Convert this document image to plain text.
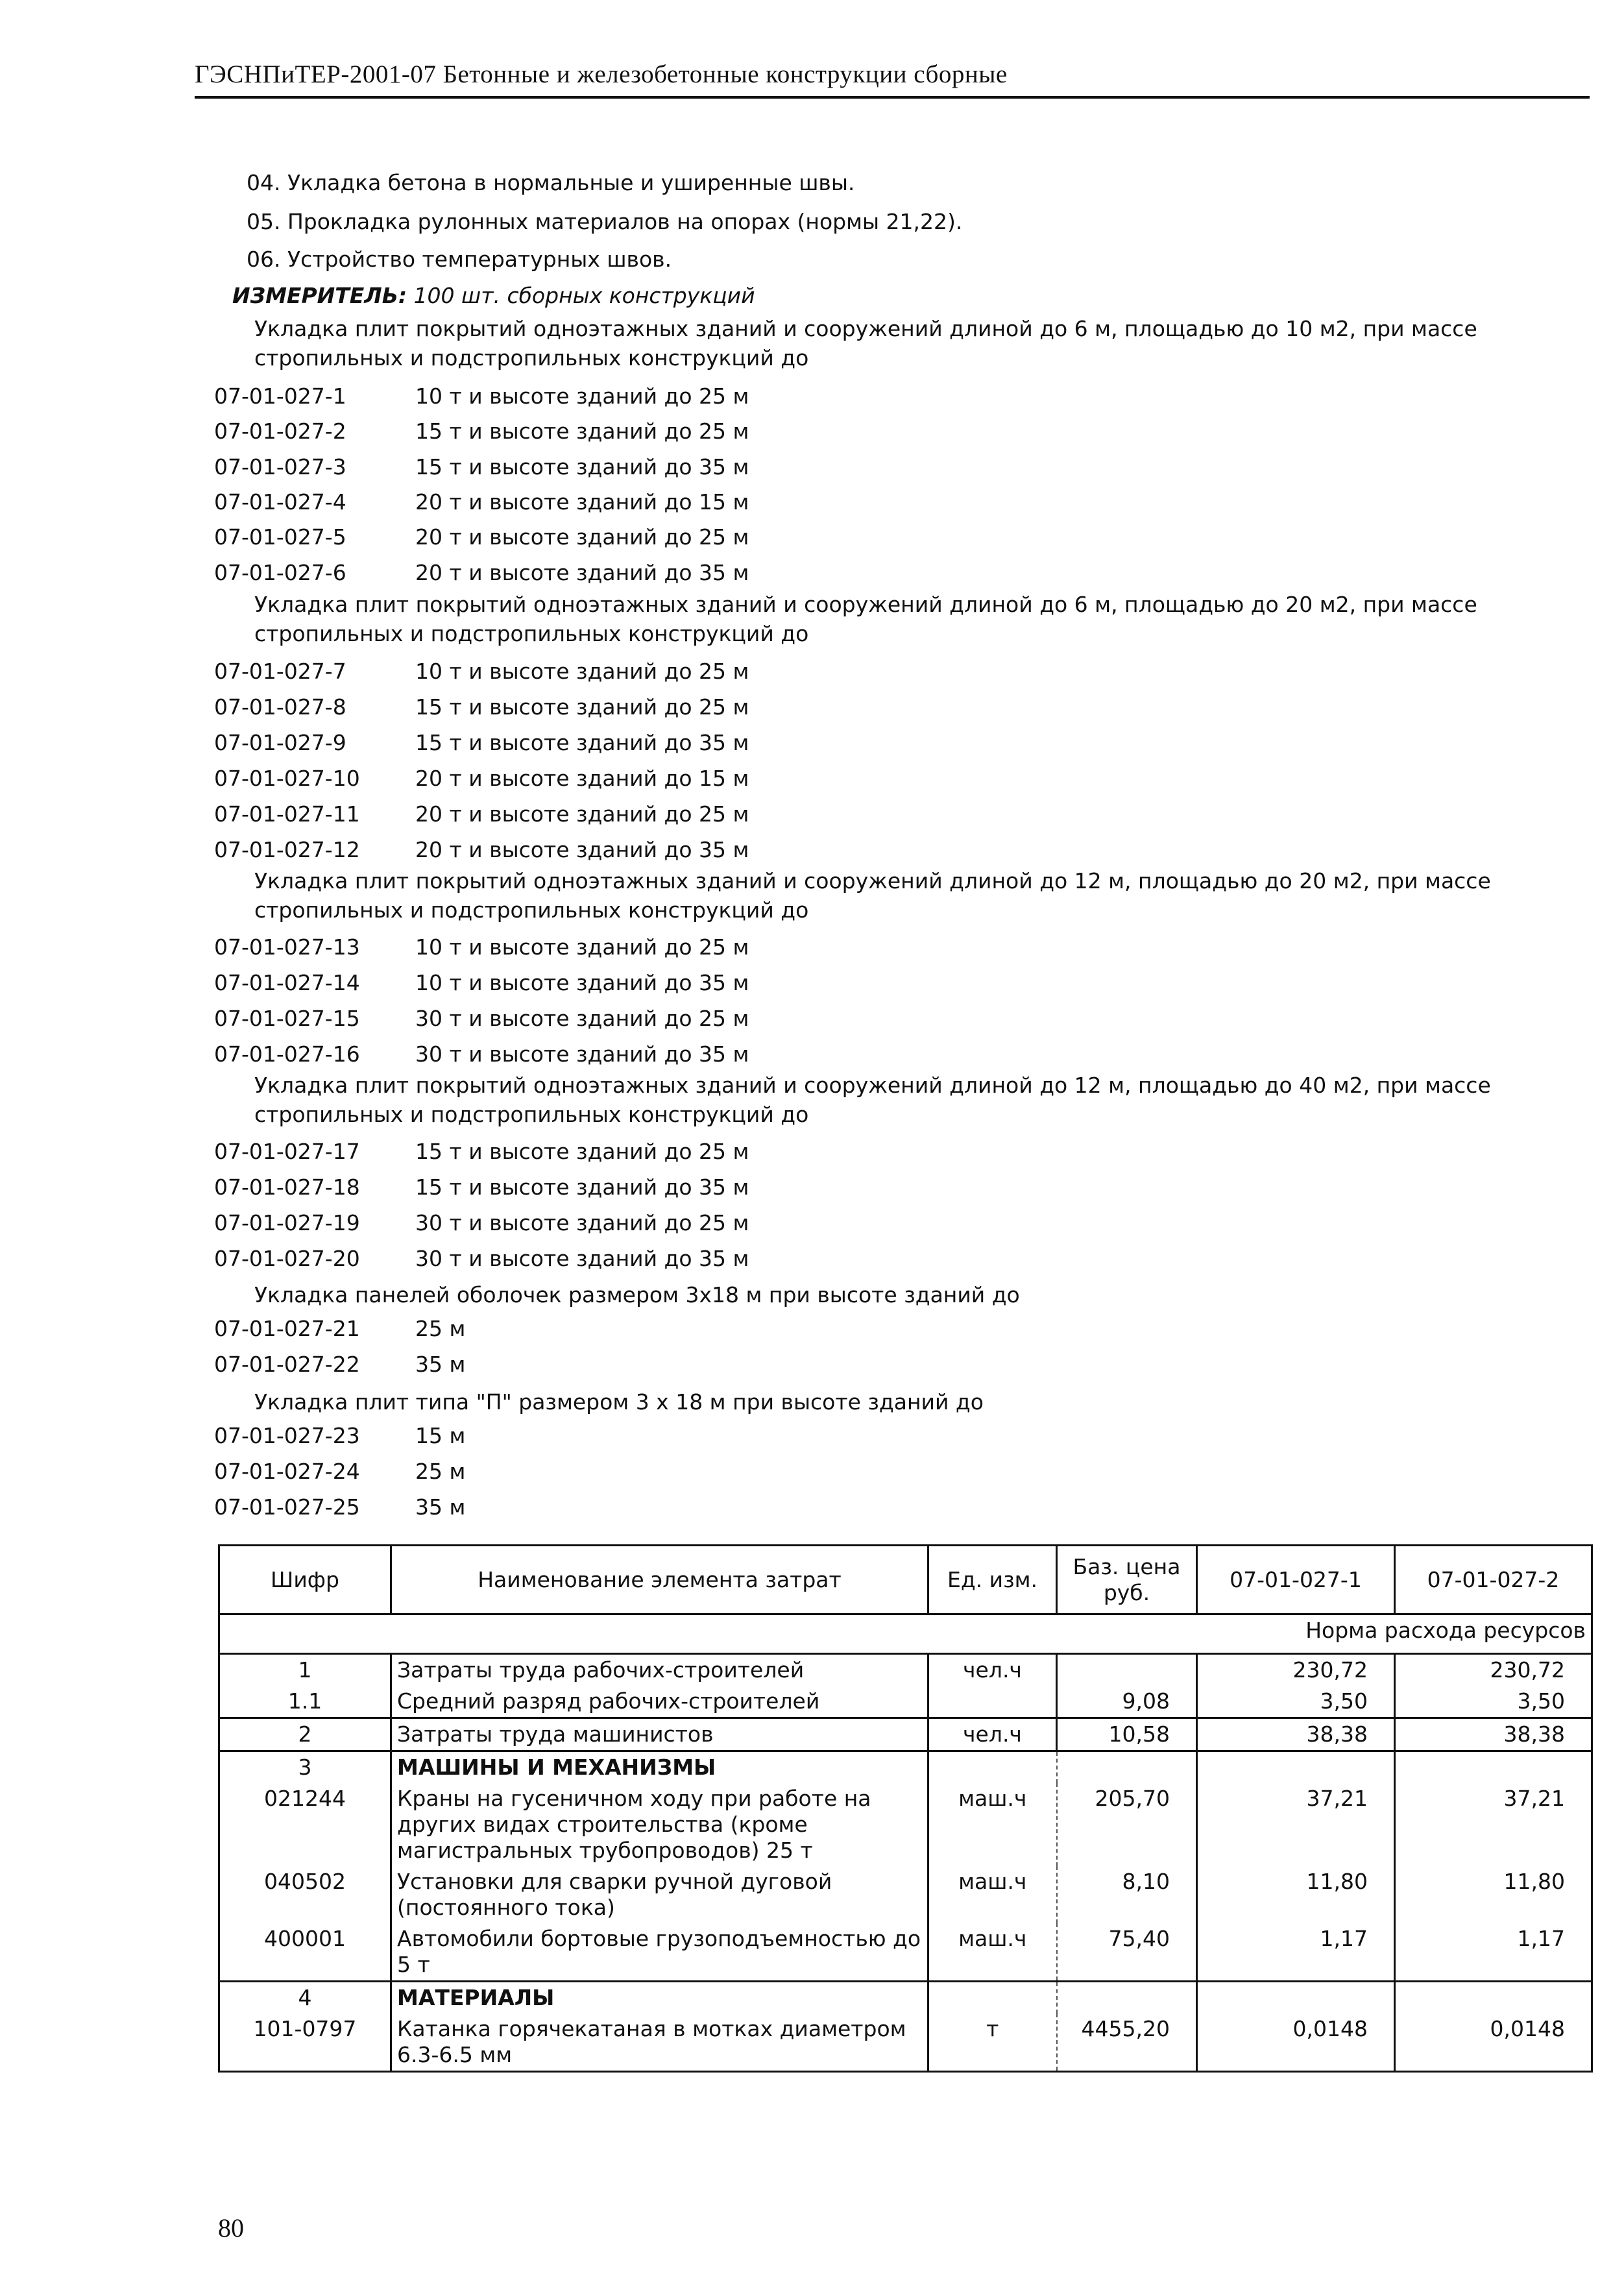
ГЭСНПиТЕР-2001-07 Бетонные и железобетонные конструкции сборные
04. Укладка бетона в нормальные и уширенные швы.
05. Прокладка рулонных материалов на опорах (нормы 21,22).
06. Устройство температурных швов.
ИЗМЕРИТЕЛЬ: 100 шт. сборных конструкций
Укладка плит покрытий одноэтажных зданий и сооружений длиной до 6 м, площадью до 10 м2, при массе стропильных и подстропильных конструкций до
07-01-027-1	10 т и высоте зданий до 25 м
07-01-027-2	15 т и высоте зданий до 25 м
07-01-027-3	15 т и высоте зданий до 35 м
07-01-027-4	20 т и высоте зданий до 15 м
07-01-027-5	20 т и высоте зданий до 25 м
07-01-027-6	20 т и высоте зданий до 35 м
Укладка плит покрытий одноэтажных зданий и сооружений длиной до 6 м, площадью до 20 м2, при массе стропильных и подстропильных конструкций до
07-01-027-7	10 т и высоте зданий до 25 м
07-01-027-8	15 т и высоте зданий до 25 м
07-01-027-9	15 т и высоте зданий до 35 м
07-01-027-10	20 т и высоте зданий до 15 м
07-01-027-11	20 т и высоте зданий до 25 м
07-01-027-12	20 т и высоте зданий до 35 м
Укладка плит покрытий одноэтажных зданий и сооружений длиной до 12 м, площадью до 20 м2, при массе стропильных и подстропильных конструкций до
07-01-027-13	10 т и высоте зданий до 25 м
07-01-027-14	10 т и высоте зданий до 35 м
07-01-027-15	30 т и высоте зданий до 25 м
07-01-027-16	30 т и высоте зданий до 35 м
Укладка плит покрытий одноэтажных зданий и сооружений длиной до 12 м, площадью до 40 м2, при массе стропильных и подстропильных конструкций до
07-01-027-17	15 т и высоте зданий до 25 м
07-01-027-18	15 т и высоте зданий до 35 м
07-01-027-19	30 т и высоте зданий до 25 м
07-01-027-20	30 т и высоте зданий до 35 м
Укладка панелей оболочек размером 3х18 м при высоте зданий до
07-01-027-21	25 м
07-01-027-22	35 м
Укладка плит типа "П" размером 3 х 18 м при высоте зданий до
07-01-027-23	15 м
07-01-027-24	25 м
07-01-027-25	35 м
Шифр	Наименование элемента затрат	Ед. изм.	Баз. цена руб.	07-01-027-1	07-01-027-2
Норма расхода ресурсов					
1	Затраты труда рабочих-строителей	чел.ч		230,72	230,72
1.1	Средний разряд рабочих-строителей		9,08	3,50	3,50
2	Затраты труда машинистов	чел.ч	10,58	38,38	38,38
3	МАШИНЫ И МЕХАНИЗМЫ				
021244	Краны на гусеничном ходу при работе на других видах строительства (кроме магистральных трубопроводов) 25 т	маш.ч	205,70	37,21	37,21
040502	Установки для сварки ручной дуговой (постоянного тока)	маш.ч	8,10	11,80	11,80
400001	Автомобили бортовые грузоподъемностью до 5 т	маш.ч	75,40	1,17	1,17
4	МАТЕРИАЛЫ				
101-0797	Катанка горячекатаная в мотках диаметром 6.3-6.5 мм	т	4455,20	0,0148	0,0148
80
